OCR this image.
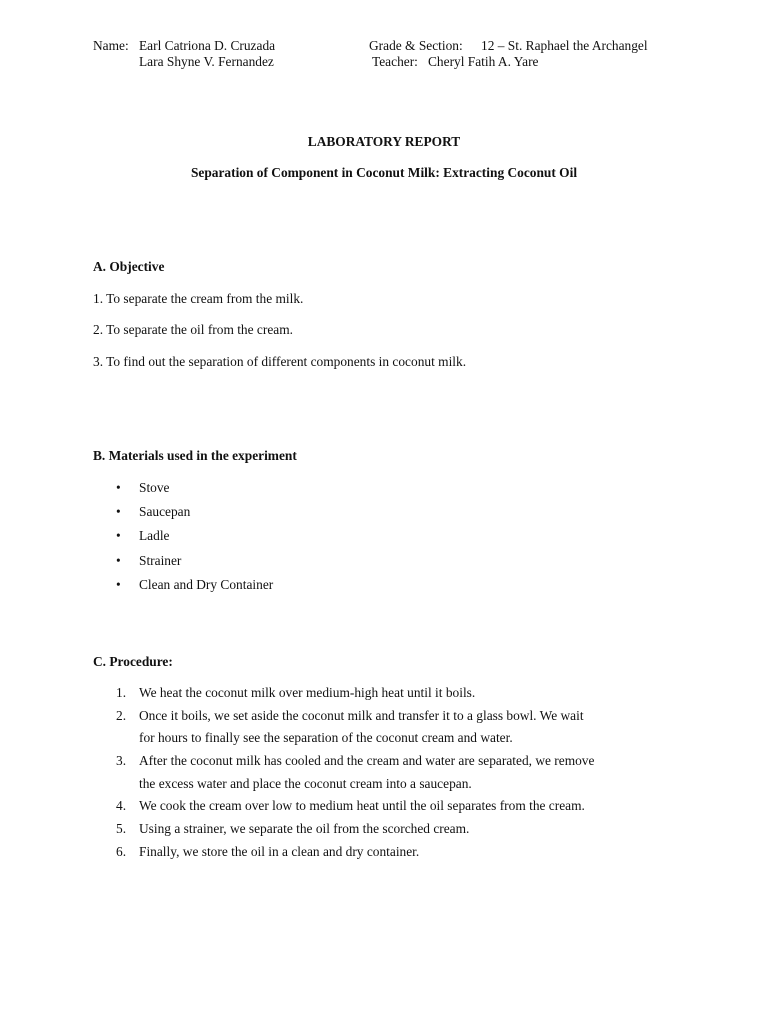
Name: Earl Catriona D. Cruzada
Lara Shyne V. Fernandez
Grade & Section: 12 – St. Raphael the Archangel
Teacher: Cheryl Fatih A. Yare
LABORATORY REPORT
Separation of Component in Coconut Milk: Extracting Coconut Oil
A. Objective
1. To separate the cream from the milk.
2. To separate the oil from the cream.
3. To find out the separation of different components in coconut milk.
B. Materials used in the experiment
• Stove
• Saucepan
• Ladle
• Strainer
• Clean and Dry Container
C. Procedure:
1. We heat the coconut milk over medium-high heat until it boils.
2. Once it boils, we set aside the coconut milk and transfer it to a glass bowl. We wait
for hours to finally see the separation of the coconut cream and water.
3. After the coconut milk has cooled and the cream and water are separated, we remove
the excess water and place the coconut cream into a saucepan.
4. We cook the cream over low to medium heat until the oil separates from the cream.
5. Using a strainer, we separate the oil from the scorched cream.
6. Finally, we store the oil in a clean and dry container.
